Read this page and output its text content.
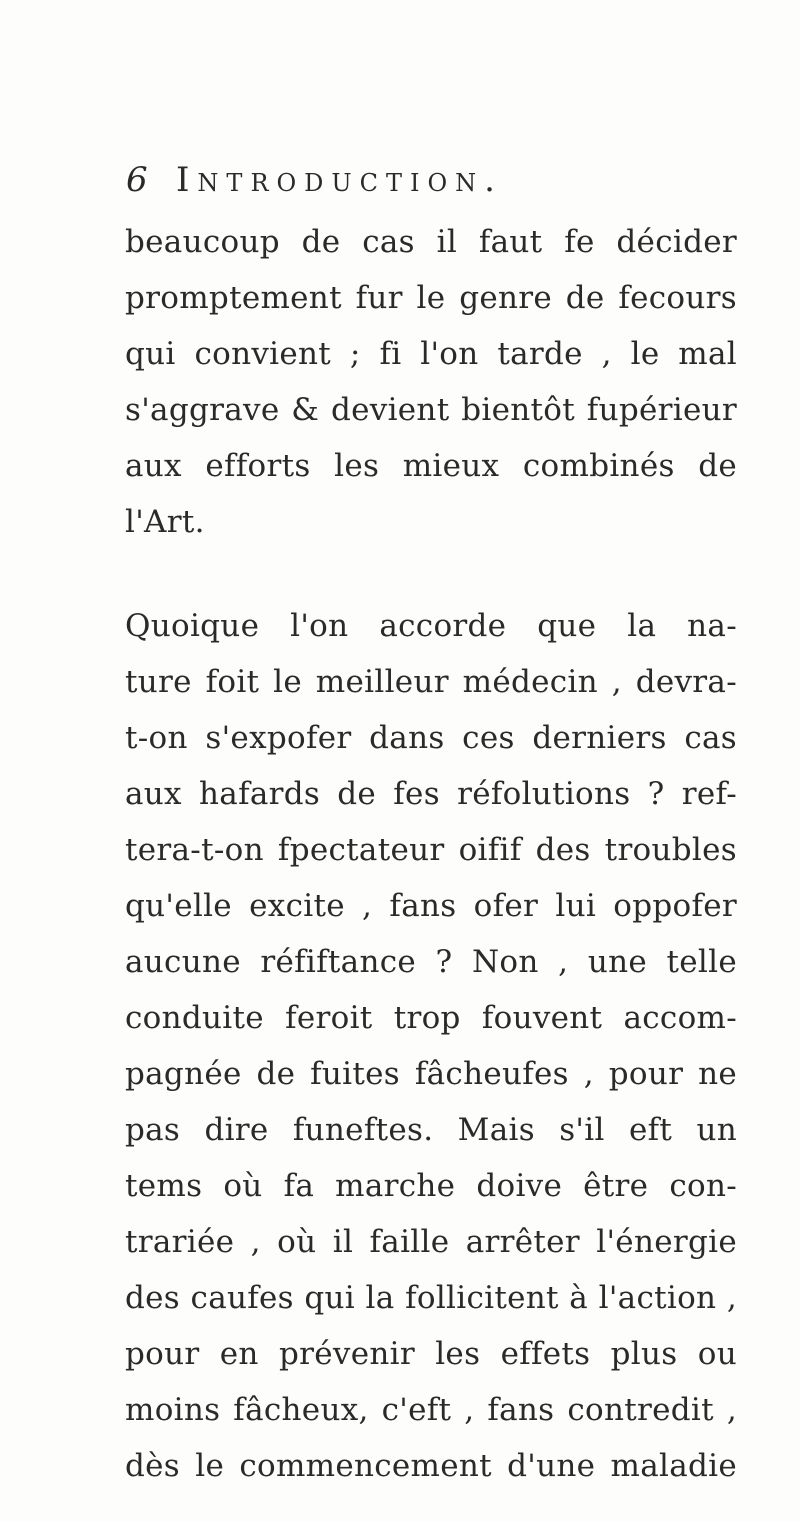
6 Introduction.
beaucoup de cas il faut fe décider
promptement fur le genre de fecours
qui convient ; fi l'on tarde , le mal
s'aggrave & devient bientôt fupérieur
aux efforts les mieux combinés de
l'Art.
Quoique l'on accorde que la na-
ture foit le meilleur médecin , devra-
t-on s'expofer dans ces derniers cas
aux hafards de fes réfolutions ? ref-
tera-t-on fpectateur oifif des troubles
qu'elle excite , fans ofer lui oppofer
aucune réfiftance ? Non , une telle
conduite feroit trop fouvent accom-
pagnée de fuites fâcheufes , pour ne
pas dire funeftes. Mais s'il eft un
tems où fa marche doive être con-
trariée , où il faille arrêter l'énergie
des caufes qui la follicitent à l'action ,
pour en prévenir les effets plus ou
moins fâcheux, c'eft , fans contredit ,
dès le commencement d'une maladie
